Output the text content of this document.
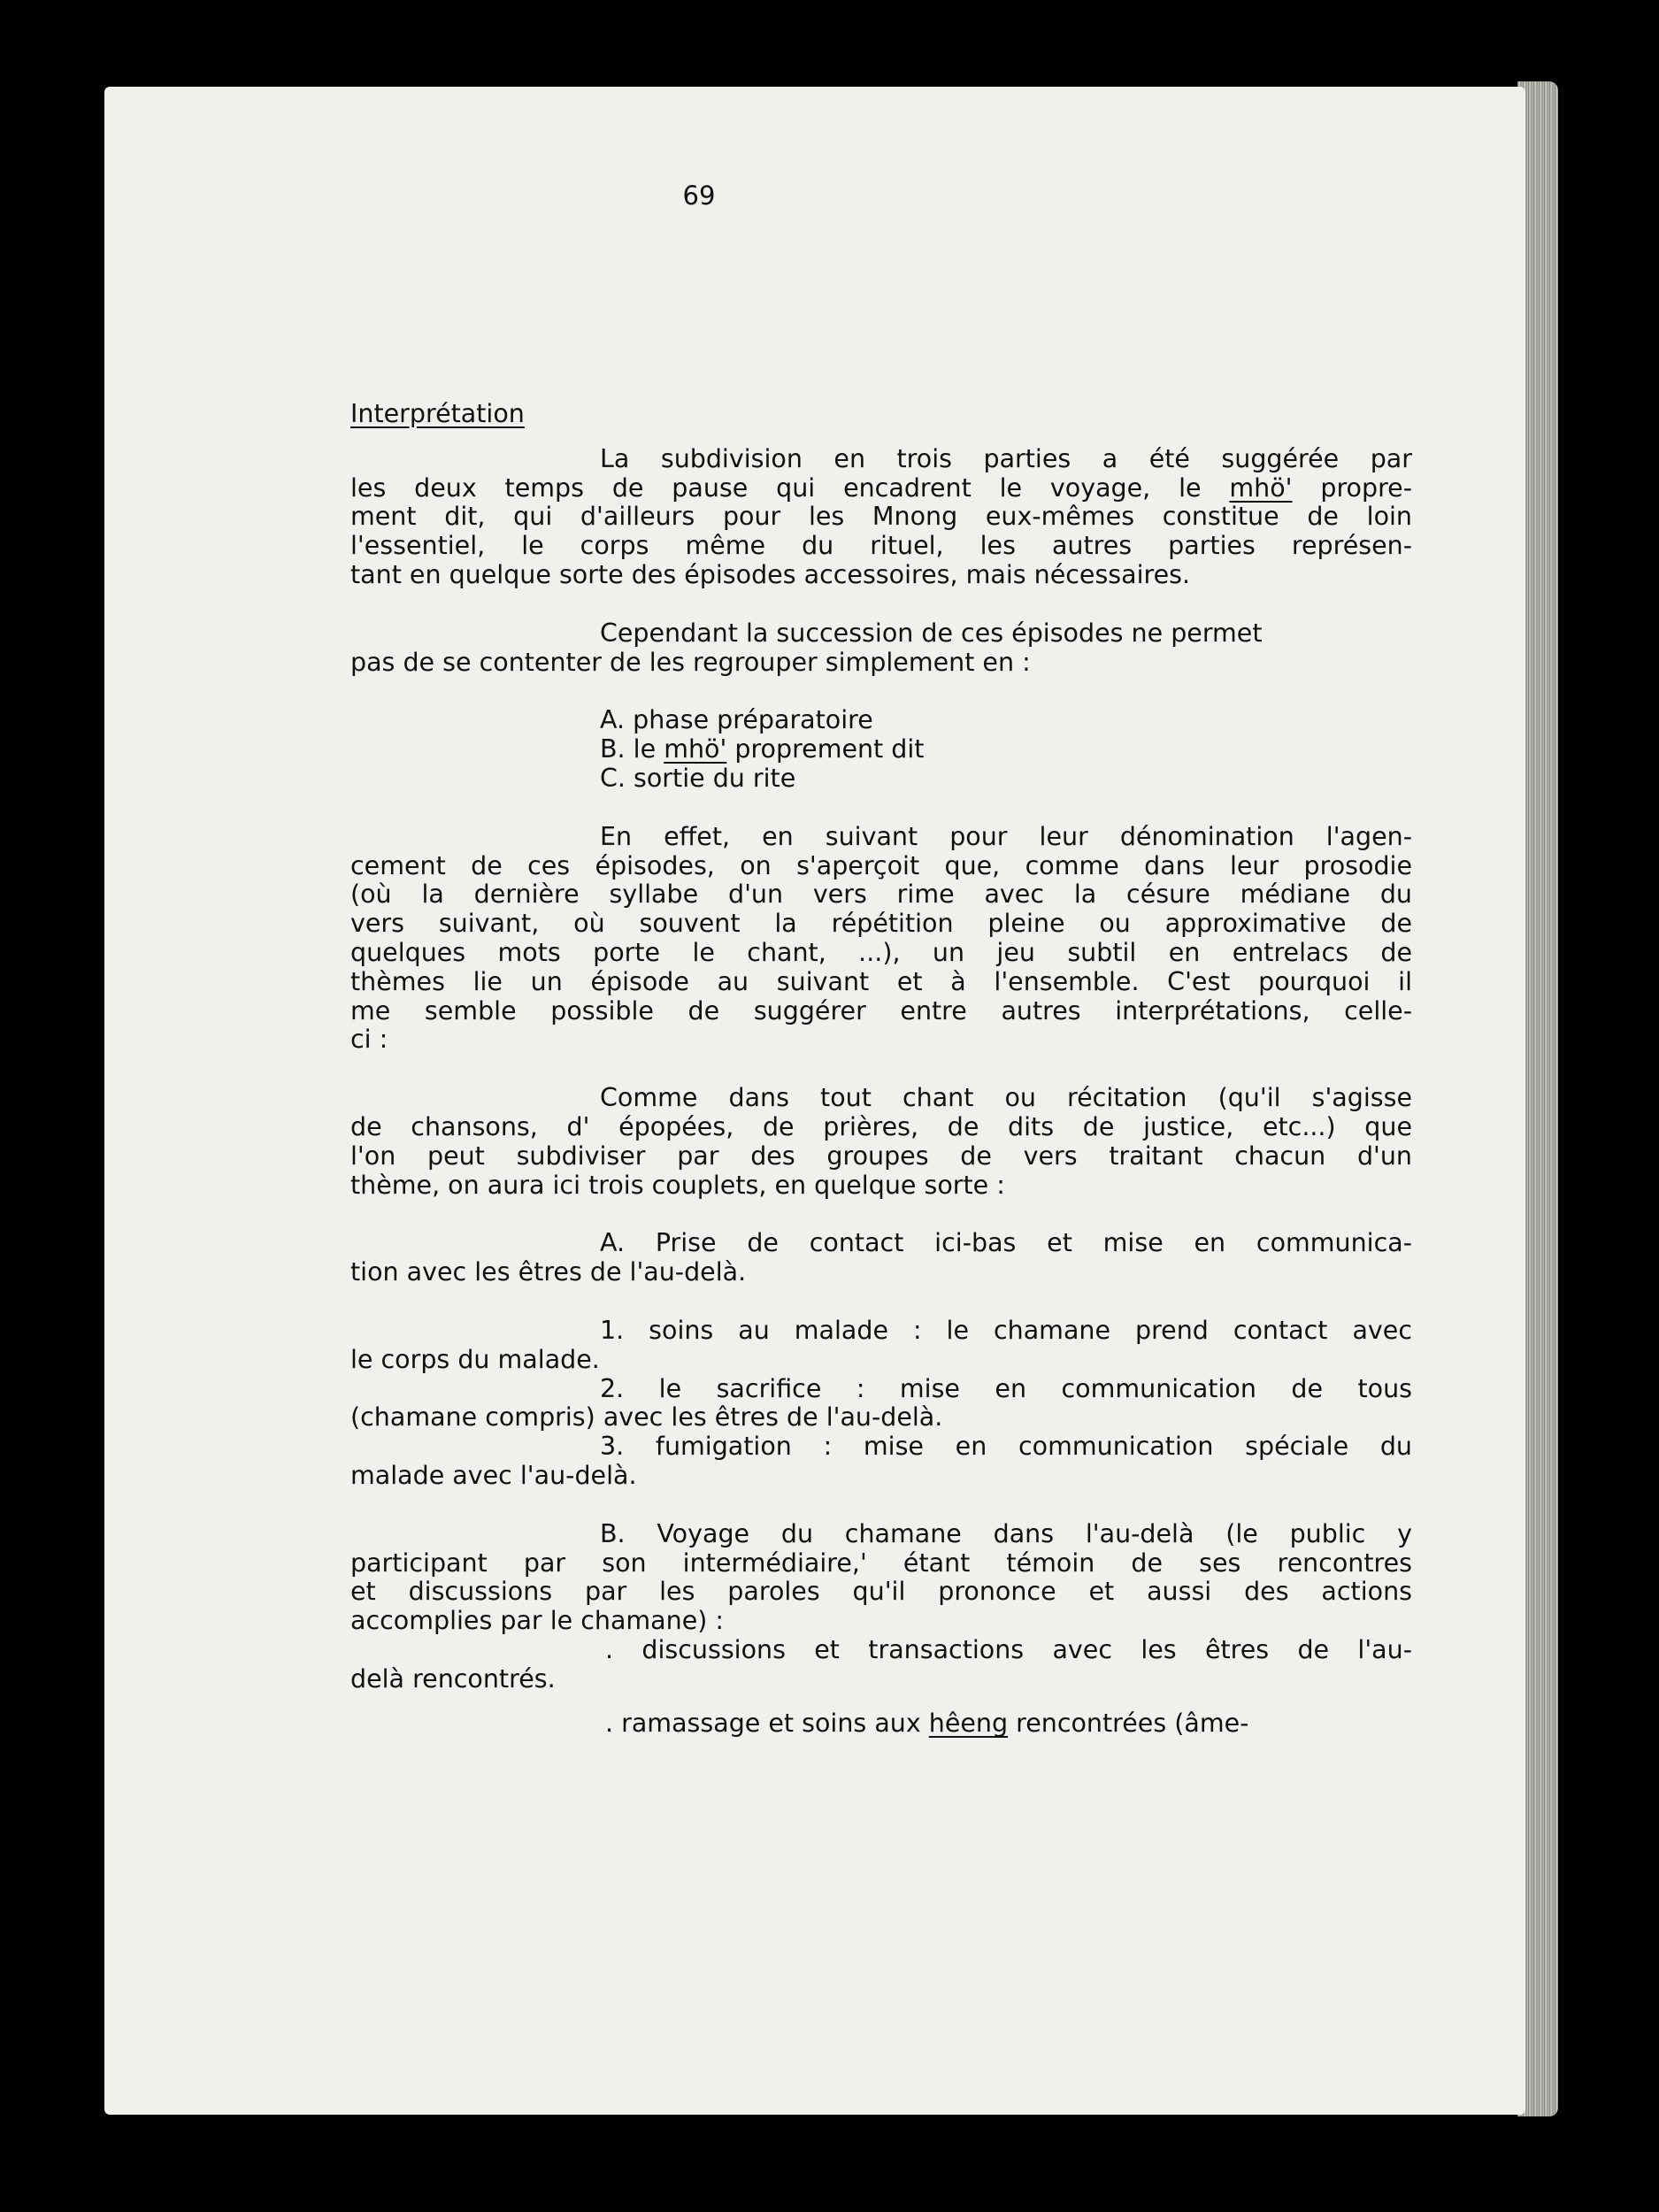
69
Interprétation
La subdivision en trois parties a été suggérée par
les deux temps de pause qui encadrent le voyage, le mhö' propre-
ment dit, qui d'ailleurs pour les Mnong eux-mêmes constitue de loin
l'essentiel, le corps même du rituel, les autres parties représen-
tant en quelque sorte des épisodes accessoires, mais nécessaires.
Cependant la succession de ces épisodes ne permet
pas de se contenter de les regrouper simplement en :
A. phase préparatoire
B. le mhö' proprement dit
C. sortie du rite
En effet, en suivant pour leur dénomination l'agen-
cement de ces épisodes, on s'aperçoit que, comme dans leur prosodie
(où la dernière syllabe d'un vers rime avec la césure médiane du
vers suivant, où souvent la répétition pleine ou approximative de
quelques mots porte le chant, ...), un jeu subtil en entrelacs de
thèmes lie un épisode au suivant et à l'ensemble. C'est pourquoi il
me semble possible de suggérer entre autres interprétations, celle-
ci :
Comme dans tout chant ou récitation (qu'il s'agisse
de chansons, d' épopées, de prières, de dits de justice, etc...) que
l'on peut subdiviser par des groupes de vers traitant chacun d'un
thème, on aura ici trois couplets, en quelque sorte :
A. Prise de contact ici-bas et mise en communica-
tion avec les êtres de l'au-delà.
1. soins au malade : le chamane prend contact avec
le corps du malade.
2. le sacrifice : mise en communication de tous
(chamane compris) avec les êtres de l'au-delà.
3. fumigation : mise en communication spéciale du
malade avec l'au-delà.
B. Voyage du chamane dans l'au-delà (le public y
participant par son intermédiaire,' étant témoin de ses rencontres
et discussions par les paroles qu'il prononce et aussi des actions
accomplies par le chamane) :
. discussions et transactions avec les êtres de l'au-
delà rencontrés.
. ramassage et soins aux hêeng rencontrées (âme-
